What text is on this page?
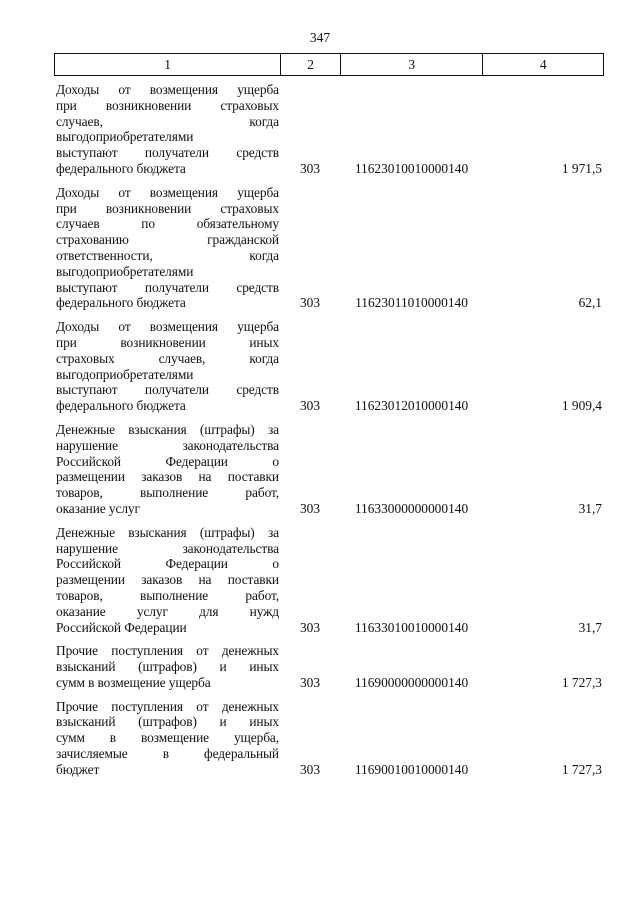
347
1	2	3	4
Доходы от возмещения ущерба
при возникновении страховых
случаев, когда
выгодоприобретателями
выступают получатели средств
федерального бюджета	303	11623010010000140	1 971,5
Доходы от возмещения ущерба
при возникновении страховых
случаев по обязательному
страхованию гражданской
ответственности, когда
выгодоприобретателями
выступают получатели средств
федерального бюджета	303	11623011010000140	62,1
Доходы от возмещения ущерба
при возникновении иных
страховых случаев, когда
выгодоприобретателями
выступают получатели средств
федерального бюджета	303	11623012010000140	1 909,4
Денежные взыскания (штрафы) за
нарушение законодательства
Российской Федерации о
размещении заказов на поставки
товаров, выполнение работ,
оказание услуг	303	11633000000000140	31,7
Денежные взыскания (штрафы) за
нарушение законодательства
Российской Федерации о
размещении заказов на поставки
товаров, выполнение работ,
оказание услуг для нужд
Российской Федерации	303	11633010010000140	31,7
Прочие поступления от денежных
взысканий (штрафов) и иных
сумм в возмещение ущерба	303	11690000000000140	1 727,3
Прочие поступления от денежных
взысканий (штрафов) и иных
сумм в возмещение ущерба,
зачисляемые в федеральный
бюджет	303	11690010010000140	1 727,3
